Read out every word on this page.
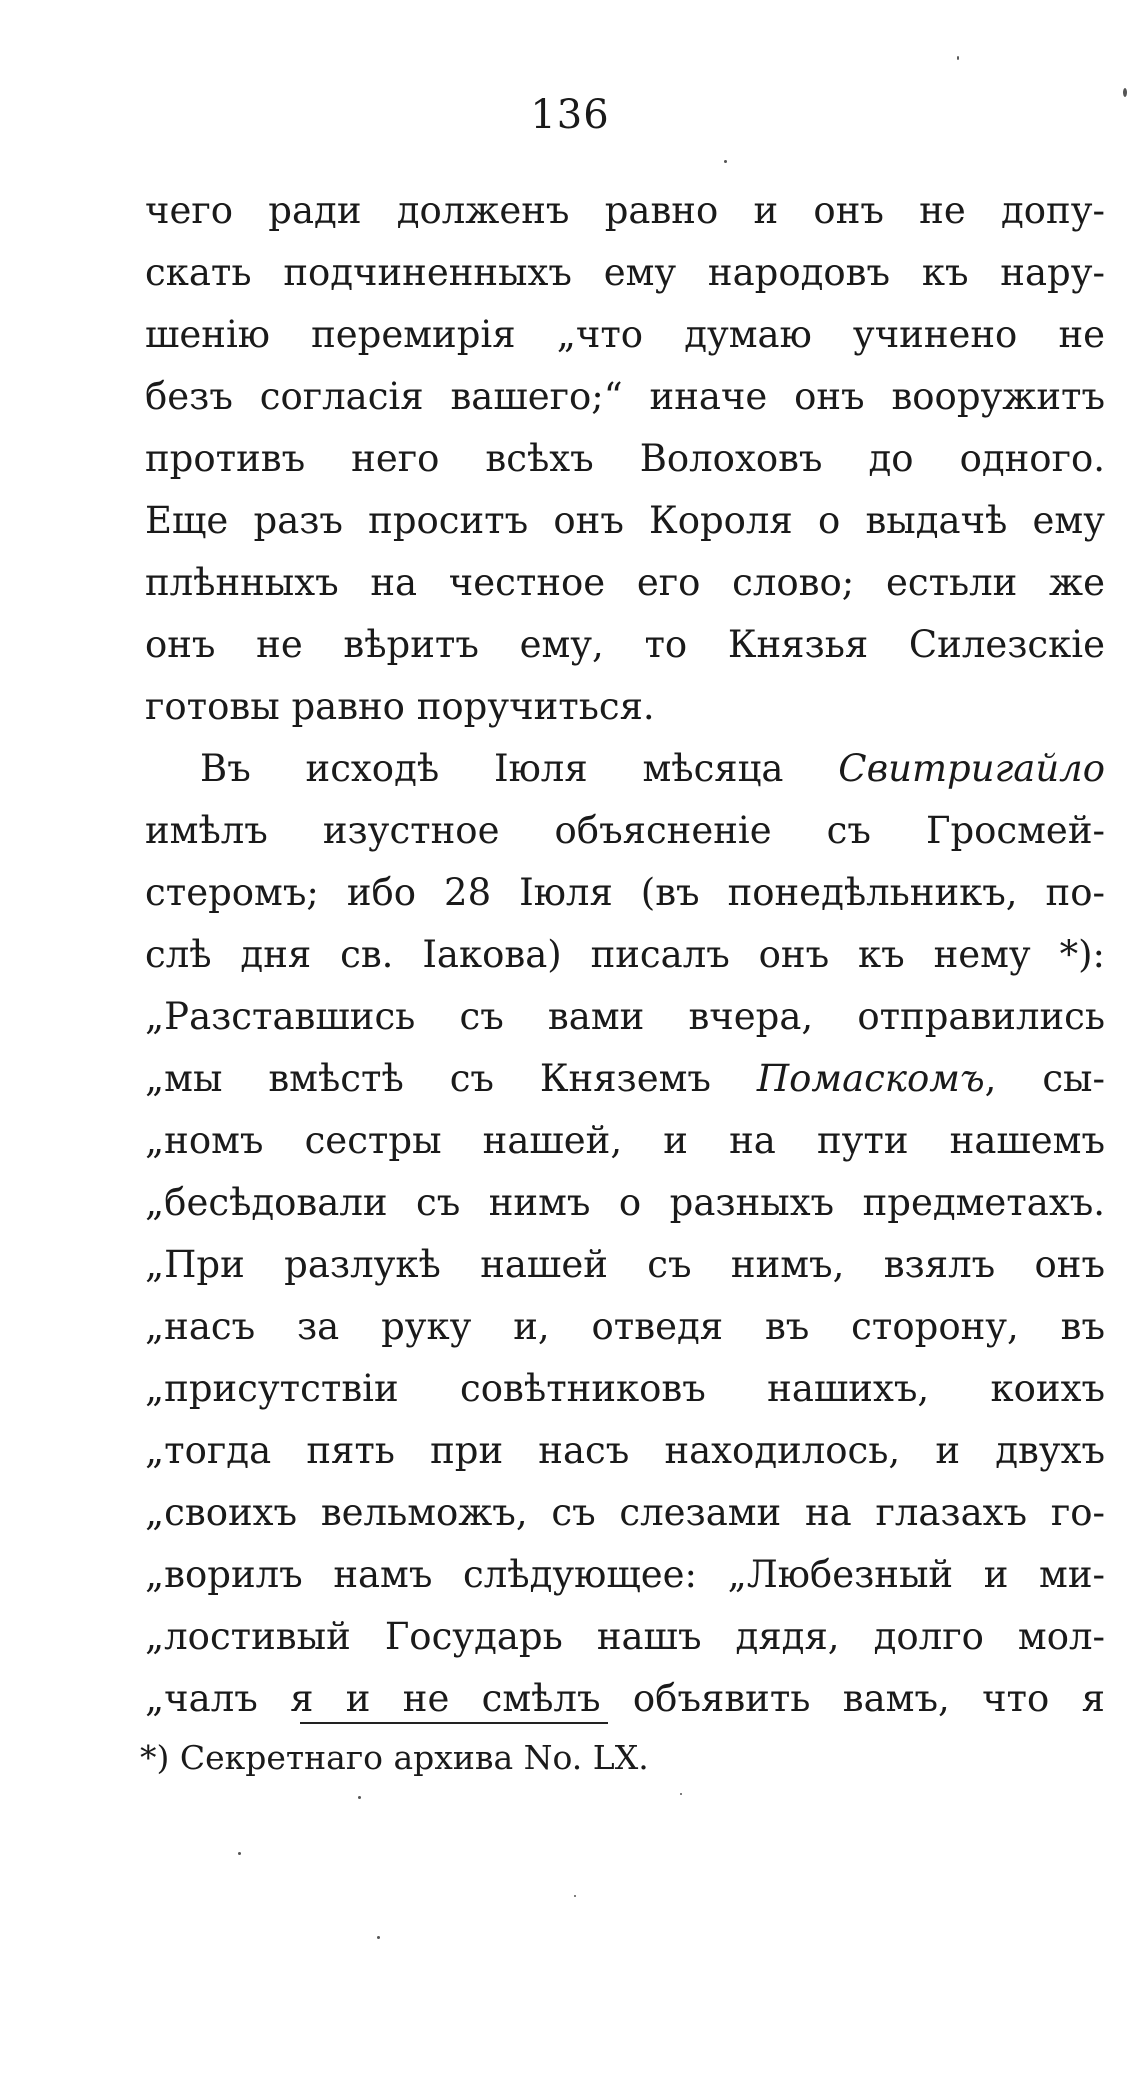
136
чего ради долженъ равно и онъ не допу-
скать подчиненныхъ ему народовъ къ нару-
шенію перемирія „что думаю учинено не
безъ согласія вашего;“ иначе онъ вооружитъ
противъ него всѣхъ Волоховъ до одного.
Еще разъ проситъ онъ Короля о выдачѣ ему
плѣнныхъ на честное его слово; естьли же
онъ не вѣритъ ему, то Князья Силезскіе
готовы равно поручиться.
Въ исходѣ Іюля мѣсяца Свитригайло
имѣлъ изустное объясненіе съ Гросмей-
стеромъ; ибо 28 Іюля (въ понедѣльникъ, по-
слѣ дня св. Іакова) писалъ онъ къ нему *):
„Разставшись съ вами вчера, отправились
„мы вмѣстѣ съ Княземъ Помаскомъ, сы-
„номъ сестры нашей, и на пути нашемъ
„бесѣдовали съ нимъ о разныхъ предметахъ.
„При разлукѣ нашей съ нимъ, взялъ онъ
„насъ за руку и, отведя въ сторону, въ
„присутствіи совѣтниковъ нашихъ, коихъ
„тогда пять при насъ находилось, и двухъ
„своихъ вельможъ, съ слезами на глазахъ го-
„ворилъ намъ слѣдующее: „Любезный и ми-
„лостивый Государь нашъ дядя, долго мол-
„чалъ я и не смѣлъ объявить вамъ, что я
*) Секретнаго архива No. LX.
